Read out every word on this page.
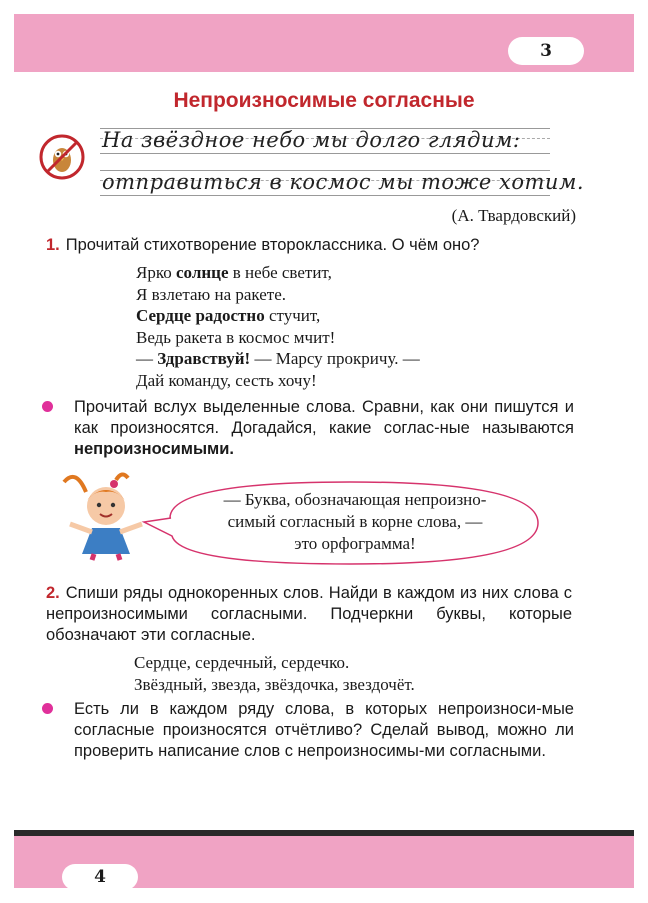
3
Непроизносимые согласные
На звёздное небо мы долго глядим:
отправиться в космос мы тоже хотим.
(А. Твардовский)
1. Прочитай стихотворение второклассника. О чём оно?
Ярко солнце в небе светит,
Я взлетаю на ракете.
Сердце радостно стучит,
Ведь ракета в космос мчит!
— Здравствуй! — Марсу прокричу. —
Дай команду, сесть хочу!
Прочитай вслух выделенные слова. Сравни, как они пишутся и как произносятся. Догадайся, какие соглас-ные называются непроизносимыми.
— Буква, обозначающая непроизно-
симый согласный в корне слова, —
это орфограмма!
2. Спиши ряды однокоренных слов. Найди в каждом из них слова с непроизносимыми согласными. Подчеркни буквы, которые обозначают эти согласные.
Сердце, сердечный, сердечко.
Звёздный, звезда, звёздочка, звездочёт.
Есть ли в каждом ряду слова, в которых непроизноси-мые согласные произносятся отчётливо? Сделай вывод, можно ли проверить написание слов с непроизносимы-ми согласными.
4
